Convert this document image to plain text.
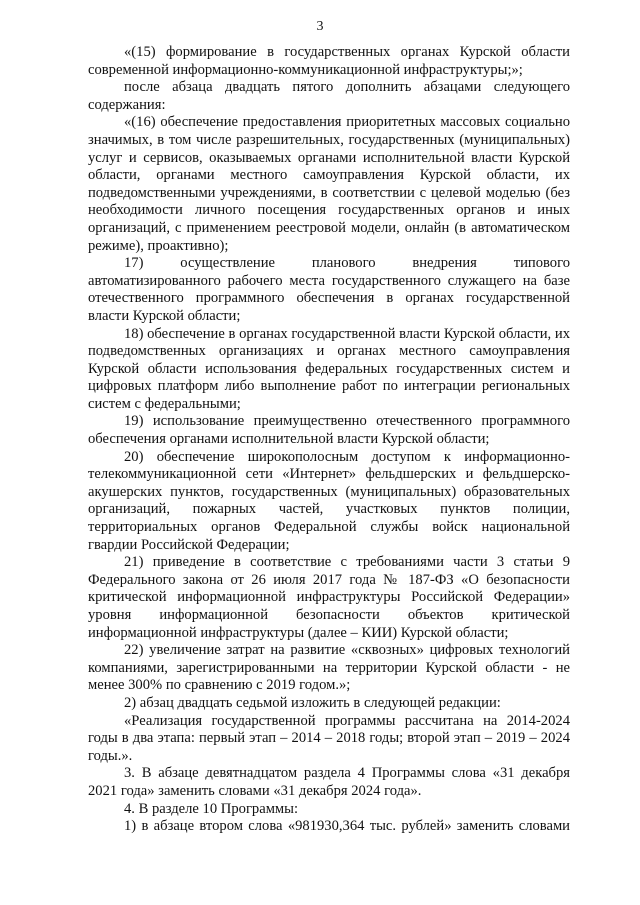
3

«(15) формирование в государственных органах Курской области современной информационно-коммуникационной инфраструктуры;»;

после абзаца двадцать пятого дополнить абзацами следующего содержания:

«(16) обеспечение предоставления приоритетных массовых социально значимых, в том числе разрешительных, государственных (муниципальных) услуг и сервисов, оказываемых органами исполнительной власти Курской области, органами местного самоуправления Курской области, их подведомственными учреждениями, в соответствии с целевой моделью (без необходимости личного посещения государственных органов и иных организаций, с применением реестровой модели, онлайн (в автоматическом режиме), проактивно);

17) осуществление планового внедрения типового автоматизированного рабочего места государственного служащего на базе отечественного программного обеспечения в органах государственной власти Курской области;

18) обеспечение в органах государственной власти Курской области, их подведомственных организациях и органах местного самоуправления Курской области использования федеральных государственных систем и цифровых платформ либо выполнение работ по интеграции региональных систем с федеральными;

19) использование преимущественно отечественного программного обеспечения органами исполнительной власти Курской области;

20) обеспечение широкополосным доступом к информационно-телекоммуникационной сети «Интернет» фельдшерских и фельдшерско-акушерских пунктов, государственных (муниципальных) образовательных организаций, пожарных частей, участковых пунктов полиции, территориальных органов Федеральной службы войск национальной гвардии Российской Федерации;

21) приведение в соответствие с требованиями части 3 статьи 9 Федерального закона от 26 июля 2017 года № 187-ФЗ «О безопасности критической информационной инфраструктуры Российской Федерации» уровня информационной безопасности объектов критической информационной инфраструктуры (далее – КИИ) Курской области;

22) увеличение затрат на развитие «сквозных» цифровых технологий компаниями, зарегистрированными на территории Курской области - не менее 300% по сравнению с 2019 годом.»;

2) абзац двадцать седьмой изложить в следующей редакции:

«Реализация государственной программы рассчитана на 2014-2024 годы в два этапа: первый этап – 2014 – 2018 годы; второй этап – 2019 – 2024 годы.».

3. В абзаце девятнадцатом раздела 4 Программы слова «31 декабря 2021 года» заменить словами «31 декабря 2024 года».

4. В разделе 10 Программы:

1) в абзаце втором слова «981930,364 тыс. рублей» заменить словами
